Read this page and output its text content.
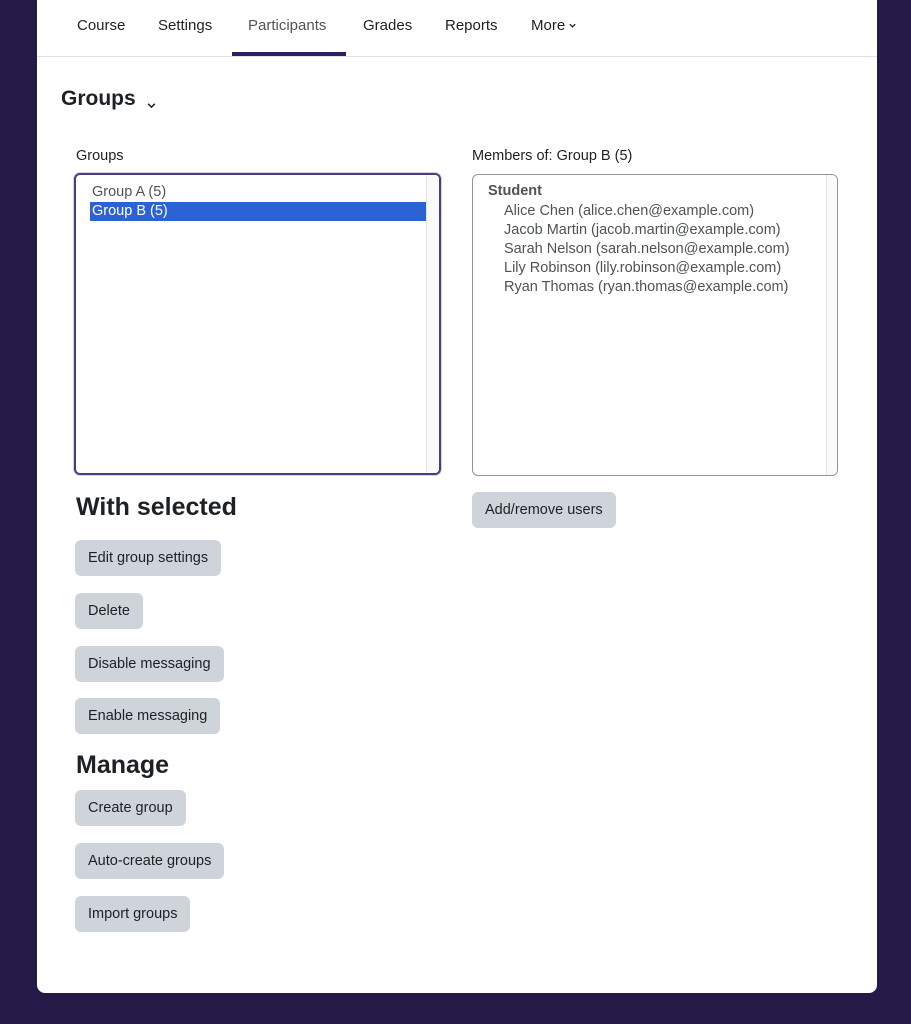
Course Settings Participants Grades Reports More
Groups
Groups
Group A (5)
Group B (5)
Members of: Group B (5)
Student
Alice Chen (alice.chen@example.com)
Jacob Martin (jacob.martin@example.com)
Sarah Nelson (sarah.nelson@example.com)
Lily Robinson (lily.robinson@example.com)
Ryan Thomas (ryan.thomas@example.com)
Add/remove users
With selected
Edit group settings
Delete
Disable messaging
Enable messaging
Manage
Create group
Auto-create groups
Import groups
